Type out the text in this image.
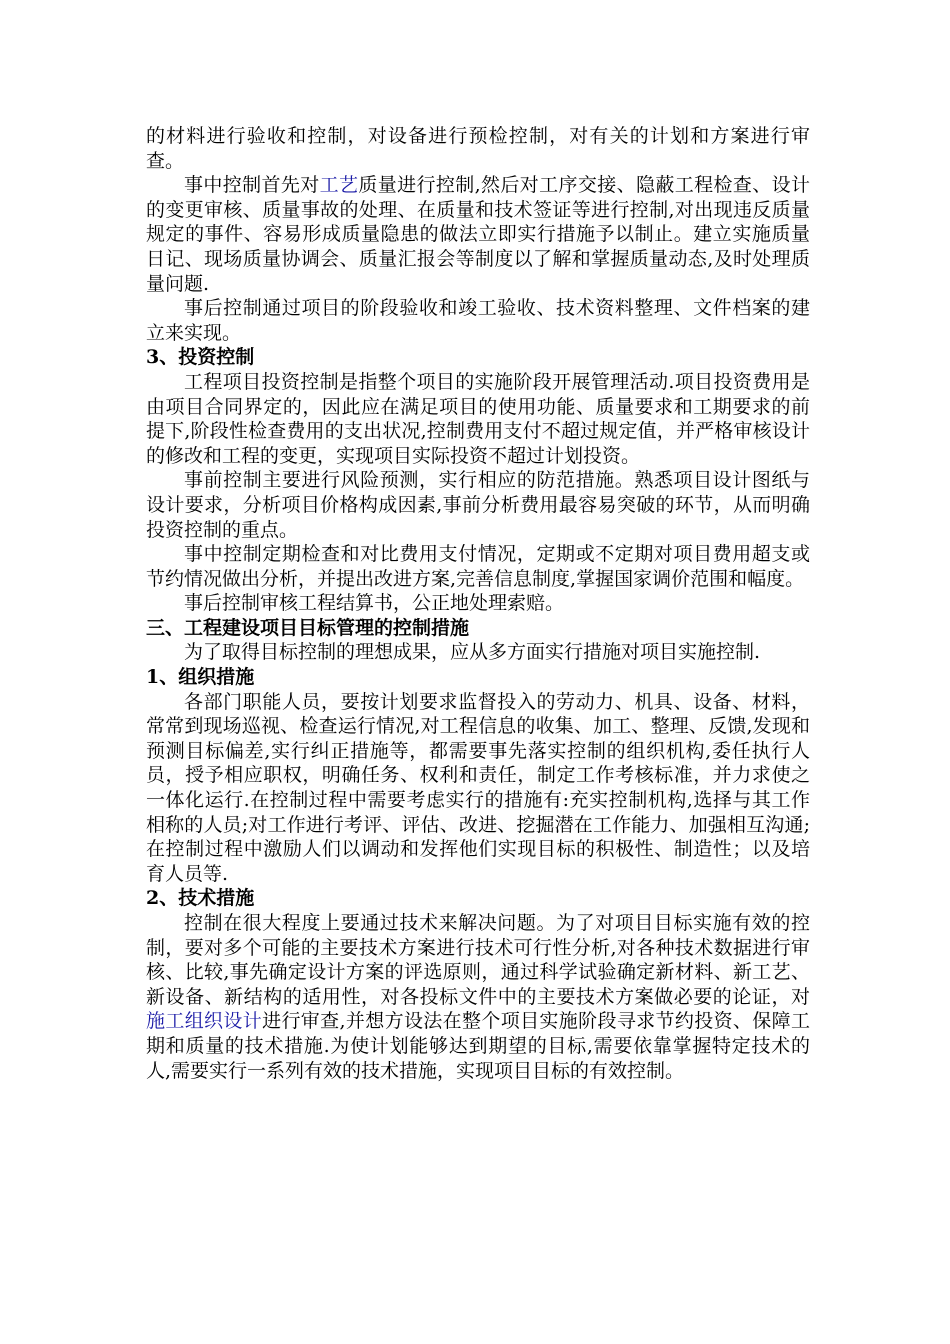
的材料进行验收和控制，对设备进行预检控制，对有关的计划和方案进行审查。

事中控制首先对工艺质量进行控制,然后对工序交接、隐蔽工程检查、设计的变更审核、质量事故的处理、在质量和技术签证等进行控制,对出现违反质量规定的事件、容易形成质量隐患的做法立即实行措施予以制止。建立实施质量日记、现场质量协调会、质量汇报会等制度以了解和掌握质量动态,及时处理质量问题.

事后控制通过项目的阶段验收和竣工验收、技术资料整理、文件档案的建立来实现。

3、投资控制

工程项目投资控制是指整个项目的实施阶段开展管理活动.项目投资费用是由项目合同界定的，因此应在满足项目的使用功能、质量要求和工期要求的前提下,阶段性检查费用的支出状况,控制费用支付不超过规定值，并严格审核设计的修改和工程的变更，实现项目实际投资不超过计划投资。

事前控制主要进行风险预测，实行相应的防范措施。熟悉项目设计图纸与设计要求，分析项目价格构成因素,事前分析费用最容易突破的环节，从而明确投资控制的重点。

事中控制定期检查和对比费用支付情况，定期或不定期对项目费用超支或节约情况做出分析，并提出改进方案,完善信息制度,掌握国家调价范围和幅度。

事后控制审核工程结算书，公正地处理索赔。

三、工程建设项目目标管理的控制措施

为了取得目标控制的理想成果，应从多方面实行措施对项目实施控制.

1、组织措施

各部门职能人员，要按计划要求监督投入的劳动力、机具、设备、材料，常常到现场巡视、检查运行情况,对工程信息的收集、加工、整理、反馈,发现和预测目标偏差,实行纠正措施等，都需要事先落实控制的组织机构,委任执行人员，授予相应职权，明确任务、权利和责任，制定工作考核标准，并力求使之一体化运行.在控制过程中需要考虑实行的措施有:充实控制机构,选择与其工作相称的人员;对工作进行考评、评估、改进、挖掘潜在工作能力、加强相互沟通;在控制过程中激励人们以调动和发挥他们实现目标的积极性、制造性；以及培育人员等.

2、技术措施

控制在很大程度上要通过技术来解决问题。为了对项目目标实施有效的控制，要对多个可能的主要技术方案进行技术可行性分析,对各种技术数据进行审核、比较,事先确定设计方案的评选原则，通过科学试验确定新材料、新工艺、新设备、新结构的适用性，对各投标文件中的主要技术方案做必要的论证，对施工组织设计进行审查,并想方设法在整个项目实施阶段寻求节约投资、保障工期和质量的技术措施.为使计划能够达到期望的目标,需要依靠掌握特定技术的人,需要实行一系列有效的技术措施，实现项目目标的有效控制。
